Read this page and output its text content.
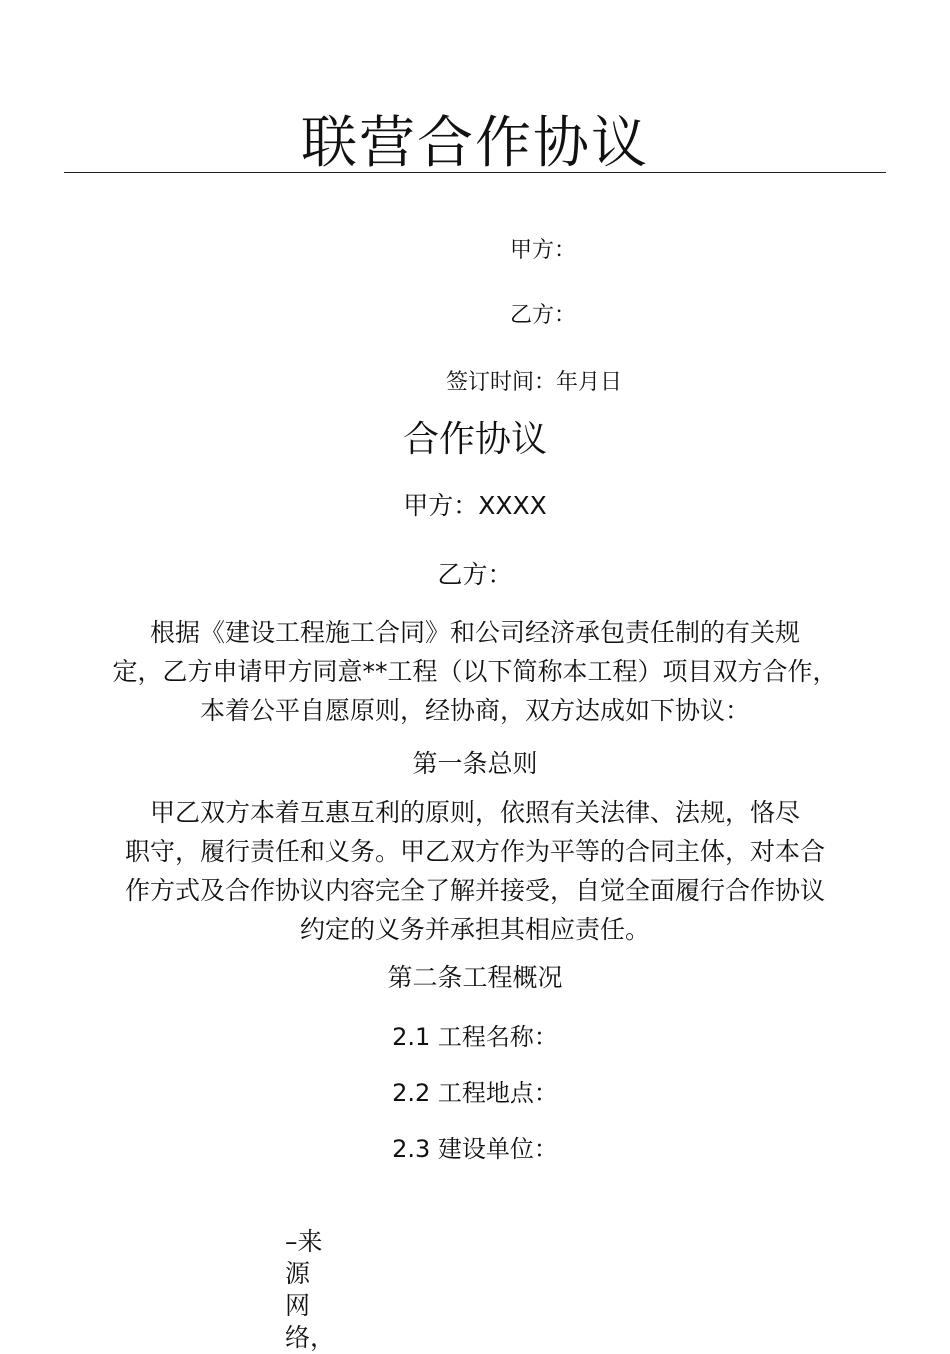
联营合作协议
甲方：
乙方：
签订时间：年月日
合作协议
甲方：XXXX
乙方：
根据《建设工程施工合同》和公司经济承包责任制的有关规
定，乙方申请甲方同意**工程（以下简称本工程）项目双方合作，
本着公平自愿原则，经协商，双方达成如下协议：
第一条总则
甲乙双方本着互惠互利的原则，依照有关法律、法规，恪尽
职守，履行责任和义务。甲乙双方作为平等的合同主体，对本合
作方式及合作协议内容完全了解并接受，自觉全面履行合作协议
约定的义务并承担其相应责任。
第二条工程概况
2.1 工程名称：
2.2 工程地点：
2.3 建设单位：
–来源网络，
